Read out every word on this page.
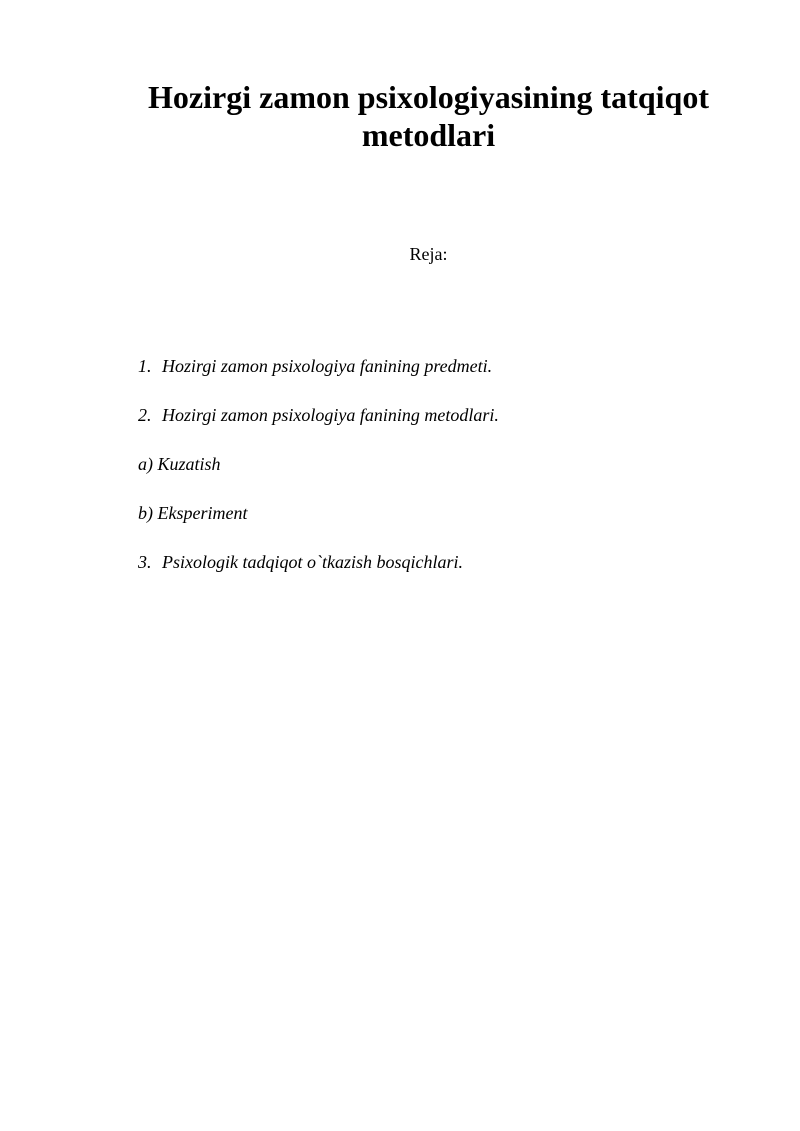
Hozirgi zamon psixologiyasining tatqiqot metodlari

Reja:

1. Hozirgi zamon psixologiya fanining predmeti.
2. Hozirgi zamon psixologiya fanining metodlari.
a) Kuzatish
b) Eksperiment
3. Psixologik tadqiqot o`tkazish bosqichlari.
